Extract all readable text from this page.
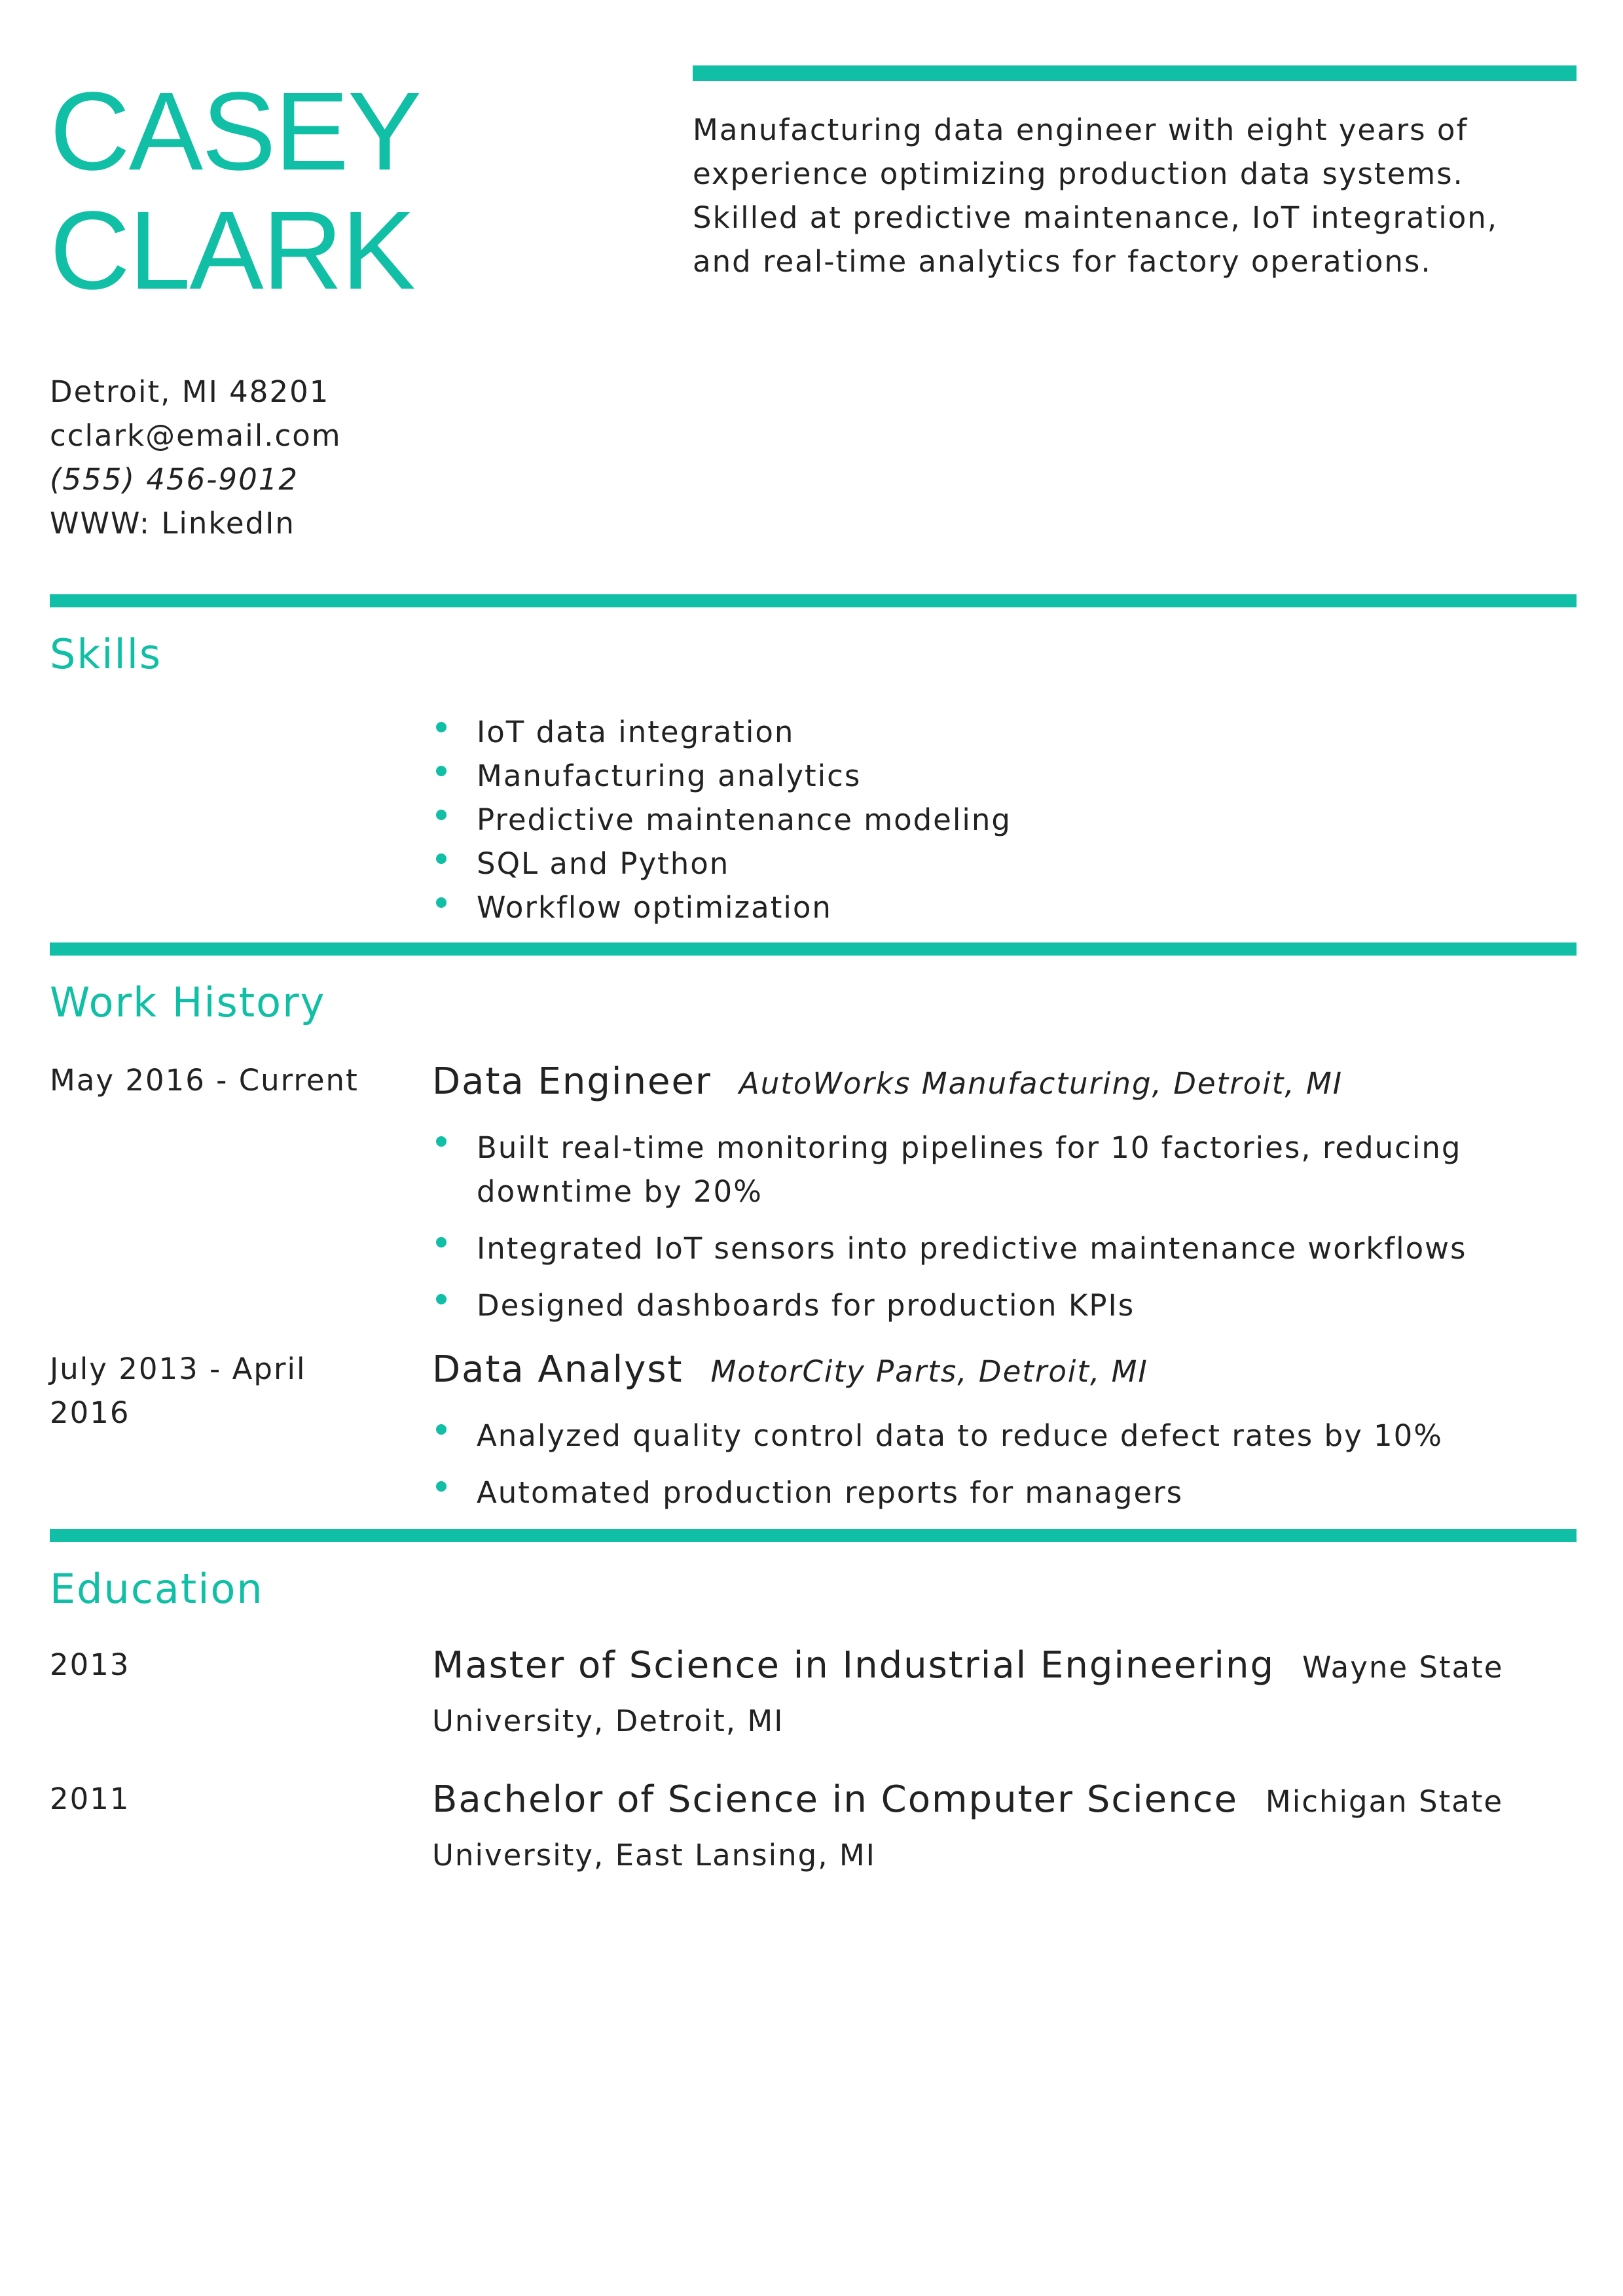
CASEY
CLARK
Manufacturing data engineer with eight years of
experience optimizing production data systems.
Skilled at predictive maintenance, IoT integration,
and real-time analytics for factory operations.
Detroit, MI 48201
cclark@email.com
(555) 456-9012
WWW: LinkedIn
Skills
IoT data integration
Manufacturing analytics
Predictive maintenance modeling
SQL and Python
Workflow optimization
Work History
May 2016 - Current Data Engineer AutoWorks Manufacturing, Detroit, MI
Built real-time monitoring pipelines for 10 factories, reducing
downtime by 20%
Integrated IoT sensors into predictive maintenance workflows
Designed dashboards for production KPIs
July 2013 - April
2016
Data Analyst MotorCity Parts, Detroit, MI
Analyzed quality control data to reduce defect rates by 10%
Automated production reports for managers
Education
2013	Master of Science in Industrial Engineering Wayne State
University, Detroit, MI
2011	Bachelor of Science in Computer Science Michigan State
University, East Lansing, MI
